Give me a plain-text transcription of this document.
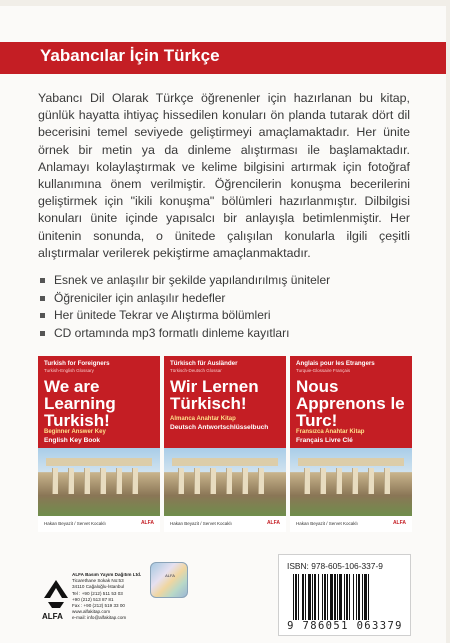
Yabancılar İçin Türkçe

Yabancı Dil Olarak Türkçe öğrenenler için hazırlanan bu kitap, günlük hayatta ihtiyaç hissedilen konuları ön planda tutarak dört dil becerisini temel seviyede geliştirmeyi amaçlamaktadır. Her ünite örnek bir metin ya da dinleme alıştırması ile başlamaktadır. Anlamayı kolaylaştırmak ve kelime bilgisini artırmak için fotoğraf kullanımına önem verilmiştir. Öğrencilerin konuşma becerilerini geliştirmek için "ikili konuşma" bölümleri hazırlanmıştır. Dilbilgisi konuları ünite içinde yapısalcı bir anlayışla betimlenmiştir. Her ünitenin sonunda, o ünitede çalışılan konularla ilgili çeşitli alıştırmalar verilerek pekiştirme amaçlanmaktadır.

Esnek ve anlaşılır bir şekilde yapılandırılmış üniteler
Öğreniciler için anlaşılır hedefler
Her ünitede Tekrar ve Alıştırma bölümleri
CD ortamında mp3 formatlı dinleme kayıtları
Turkish for Foreigners
Turkish-English Glossary
We are Learning Turkish!
Beginner Answer Key
English Key Book
Hakan Beyazit / Servet Kocaklı	ALFA
Türkisch für Ausländer
Türkisch-Deutsch Glossar
Wir Lernen Türkisch!
Almanca Anahtar Kitap
Deutsch Antwortschlüsselbuch
Hakan Beyazit / Servet Kocaklı	ALFA
Anglais pour les Etrangers
Turquie-Glossaire Français
Nous Apprenons le Turc!
Fransızca Anahtar Kitap
Français Livre Clé
Hakan Beyazit / Servet Kocaklı	ALFA
ALFA
ALFA Basım Yayım Dağıtım Ltd.
Ticarethane Sokak No:53
34110 Cağaloğlu-İstanbul
Tel : +90 (212) 511 53 03
+90 (212) 513 87 81
Fax : +90 (212) 519 33 00
www.alfakitap.com
e-mail: info@alfakitap.com
ALFA
ISBN: 978-605-106-337-9
9 786051 063379
